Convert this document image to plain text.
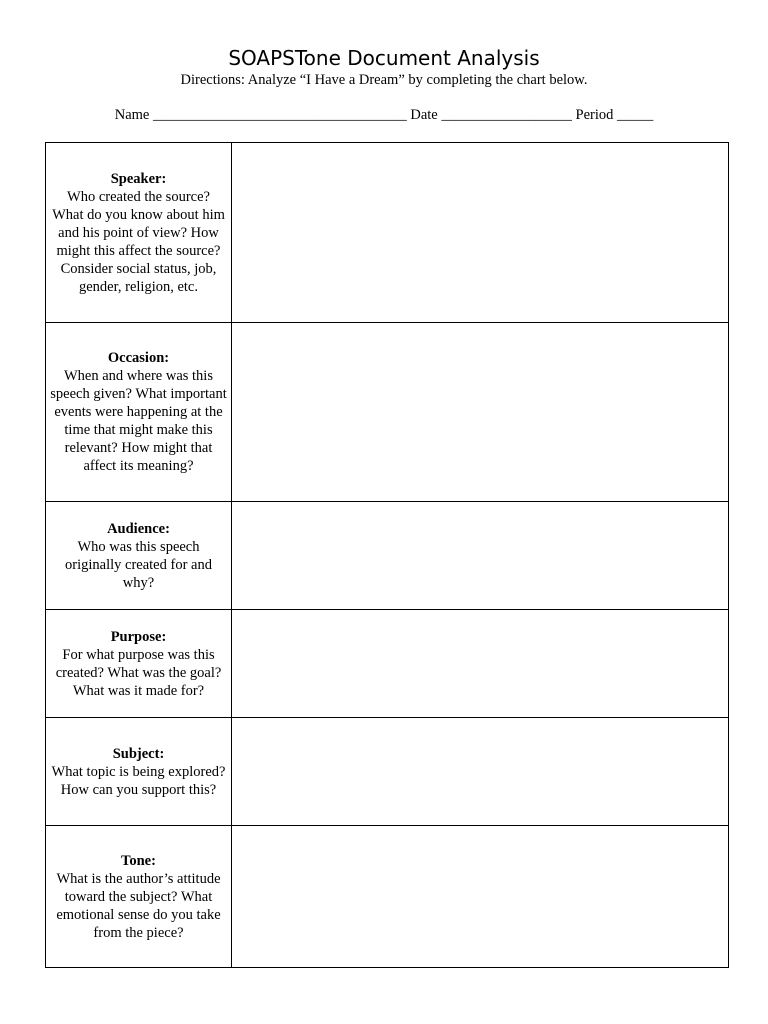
SOAPSTone Document Analysis
Directions: Analyze “I Have a Dream” by completing the chart below.
Name ___________________________________ Date __________________ Period _____
Speaker:
Who created the source? What do you know about him and his point of view? How might this affect the source? Consider social status, job, gender, religion, etc.
Occasion:
When and where was this speech given? What important events were happening at the time that might make this relevant? How might that affect its meaning?
Audience:
Who was this speech originally created for and why?
Purpose:
For what purpose was this created? What was the goal? What was it made for?
Subject:
What topic is being explored? How can you support this?
Tone:
What is the author’s attitude toward the subject? What emotional sense do you take from the piece?
